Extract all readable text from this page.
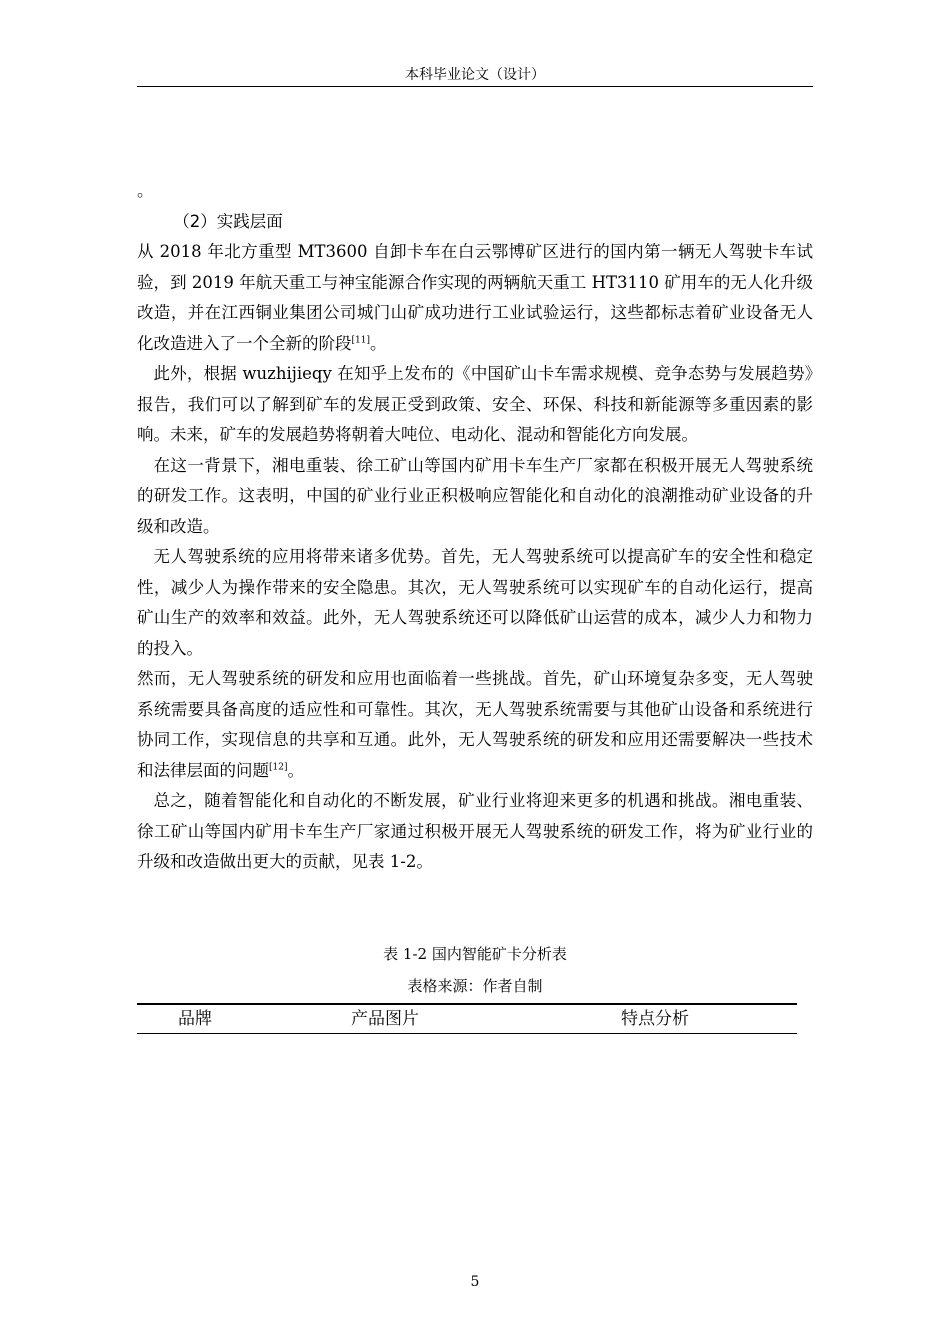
本科毕业论文（设计）

。

（2）实践层面

从 2018 年北方重型 MT3600 自卸卡车在白云鄂博矿区进行的国内第一辆无人驾驶卡车试验，到 2019 年航天重工与神宝能源合作实现的两辆航天重工 HT3110 矿用车的无人化升级改造，并在江西铜业集团公司城门山矿成功进行工业试验运行，这些都标志着矿业设备无人化改造进入了一个全新的阶段[11]。

此外，根据 wuzhijieqy 在知乎上发布的《中国矿山卡车需求规模、竞争态势与发展趋势》报告，我们可以了解到矿车的发展正受到政策、安全、环保、科技和新能源等多重因素的影响。未来，矿车的发展趋势将朝着大吨位、电动化、混动和智能化方向发展。

在这一背景下，湘电重装、徐工矿山等国内矿用卡车生产厂家都在积极开展无人驾驶系统的研发工作。这表明，中国的矿业行业正积极响应智能化和自动化的浪潮推动矿业设备的升级和改造。

无人驾驶系统的应用将带来诸多优势。首先，无人驾驶系统可以提高矿车的安全性和稳定性，减少人为操作带来的安全隐患。其次，无人驾驶系统可以实现矿车的自动化运行，提高矿山生产的效率和效益。此外，无人驾驶系统还可以降低矿山运营的成本，减少人力和物力的投入。

然而，无人驾驶系统的研发和应用也面临着一些挑战。首先，矿山环境复杂多变，无人驾驶系统需要具备高度的适应性和可靠性。其次，无人驾驶系统需要与其他矿山设备和系统进行协同工作，实现信息的共享和互通。此外，无人驾驶系统的研发和应用还需要解决一些技术和法律层面的问题[12]。

总之，随着智能化和自动化的不断发展，矿业行业将迎来更多的机遇和挑战。湘电重装、徐工矿山等国内矿用卡车生产厂家通过积极开展无人驾驶系统的研发工作，将为矿业行业的升级和改造做出更大的贡献，见表 1-2。

表 1-2 国内智能矿卡分析表
表格来源：作者自制
品牌	产品图片	特点分析
5
